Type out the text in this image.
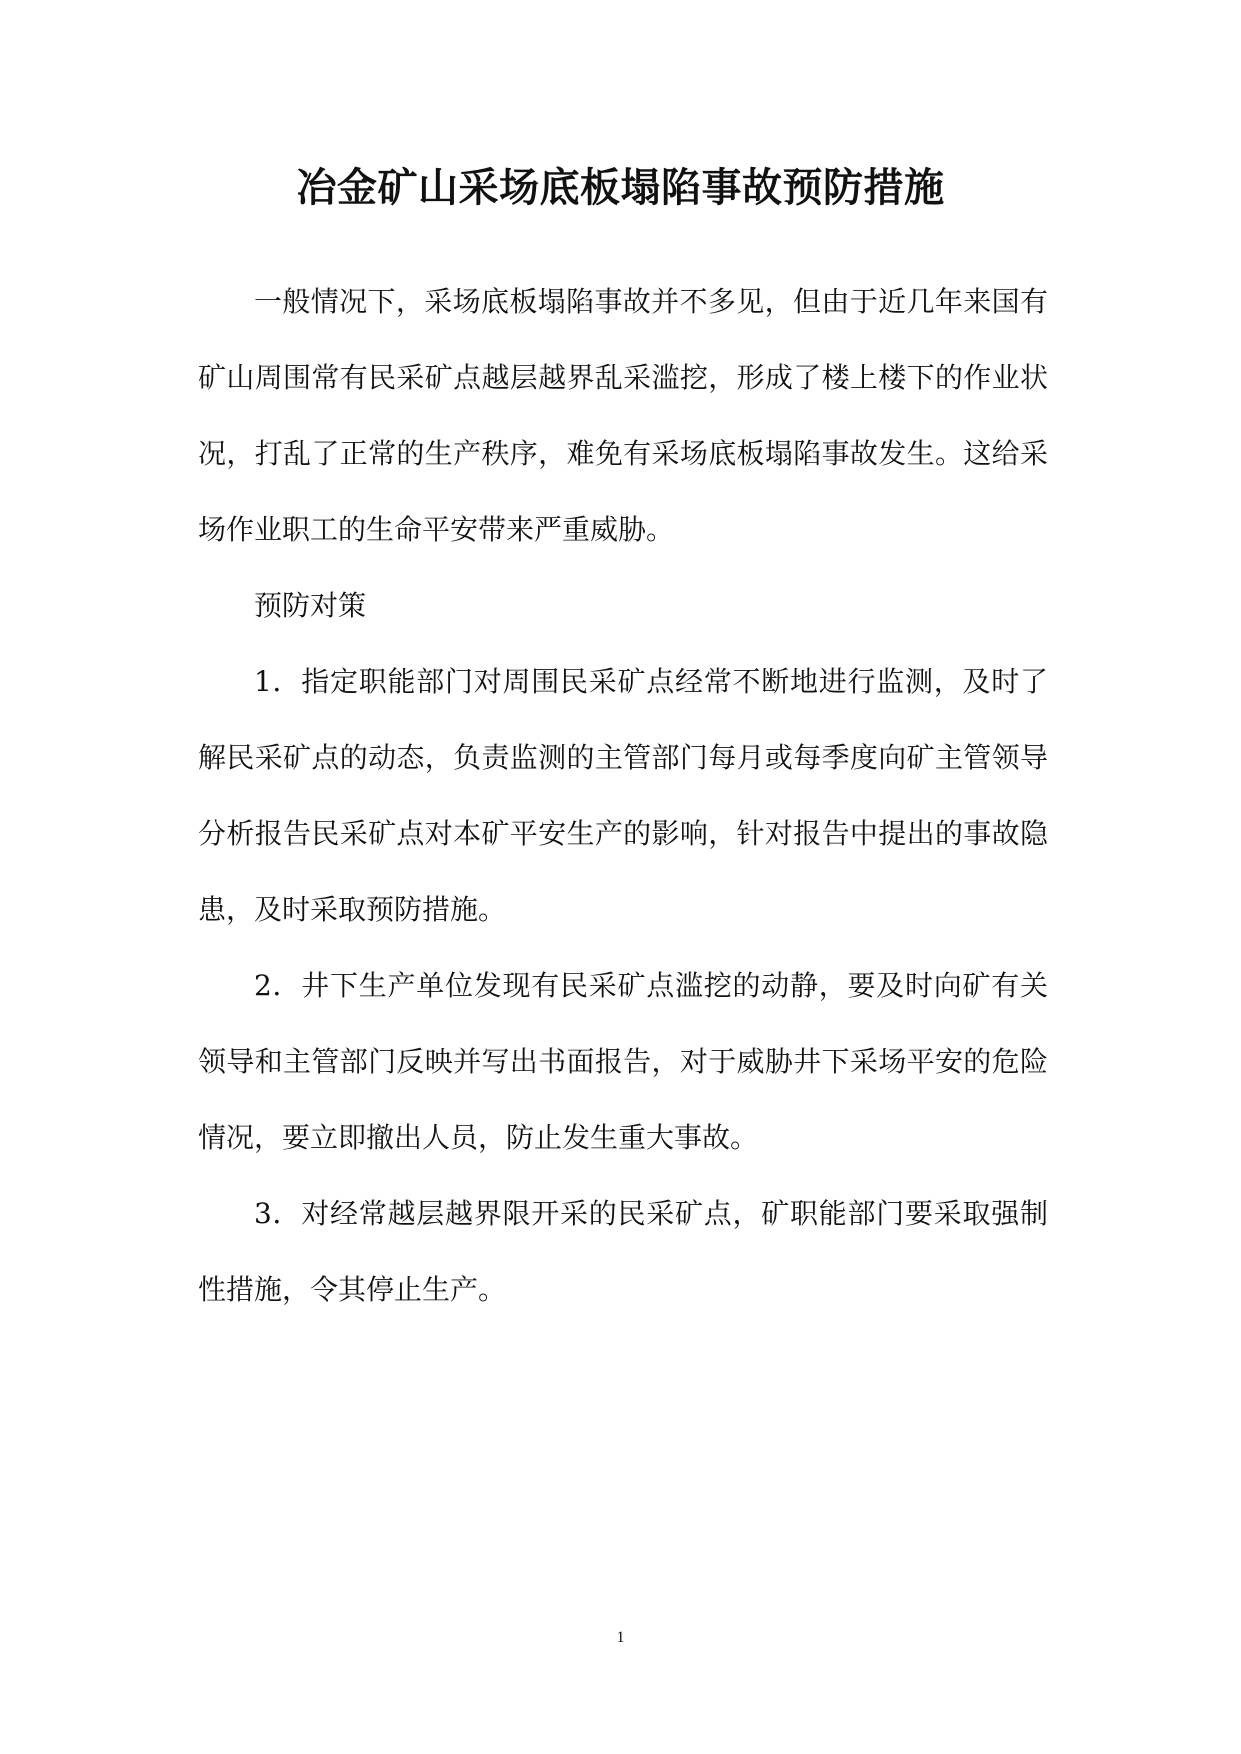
冶金矿山采场底板塌陷事故预防措施

一般情况下，采场底板塌陷事故并不多见，但由于近几年来国有矿山周围常有民采矿点越层越界乱采滥挖，形成了楼上楼下的作业状况，打乱了正常的生产秩序，难免有采场底板塌陷事故发生。这给采场作业职工的生命平安带来严重威胁。

预防对策

1．指定职能部门对周围民采矿点经常不断地进行监测，及时了解民采矿点的动态，负责监测的主管部门每月或每季度向矿主管领导分析报告民采矿点对本矿平安生产的影响，针对报告中提出的事故隐患，及时采取预防措施。

2．井下生产单位发现有民采矿点滥挖的动静，要及时向矿有关领导和主管部门反映并写出书面报告，对于威胁井下采场平安的危险情况，要立即撤出人员，防止发生重大事故。

3．对经常越层越界限开采的民采矿点，矿职能部门要采取强制性措施，令其停止生产。

1
